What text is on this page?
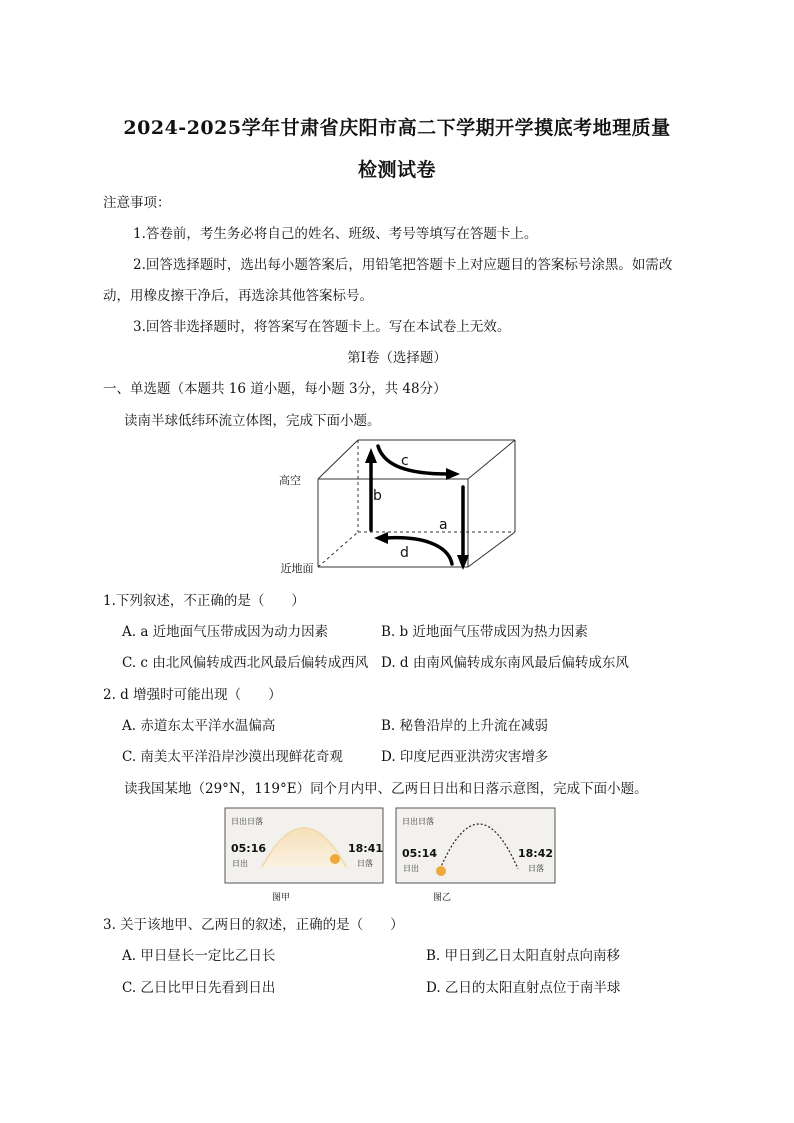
2024-2025学年甘肃省庆阳市高二下学期开学摸底考地理质量
检测试卷
注意事项：
1.答卷前，考生务必将自己的姓名、班级、考号等填写在答题卡上。
2.回答选择题时，选出每小题答案后，用铅笔把答题卡上对应题目的答案标号涂黑。如需改
动，用橡皮擦干净后，再选涂其他答案标号。
3.回答非选择题时，将答案写在答题卡上。写在本试卷上无效。
第Ⅰ卷（选择题）
一、单选题（本题共 16 道小题，每小题 3分，共 48分）
读南半球低纬环流立体图，完成下面小题。
高空
近地面
a
b
c
d
1.下列叙述，不正确的是（　　）
A. a 近地面气压带成因为动力因素	B. b 近地面气压带成因为热力因素
C. c 由北风偏转成西北风最后偏转成西风 D. d 由南风偏转成东南风最后偏转成东风
2. d 增强时可能出现（　　）
A. 赤道东太平洋水温偏高	B. 秘鲁沿岸的上升流在减弱
C. 南美太平洋沿岸沙漠出现鲜花奇观	D. 印度尼西亚洪涝灾害增多
读我国某地（29°N，119°E）同个月内甲、乙两日日出和日落示意图，完成下面小题。
日出日落
05:16
日出
18:41
日落
图甲
日出日落
05:14
日出
18:42
日落
图乙
3. 关于该地甲、乙两日的叙述，正确的是（　　）
A. 甲日昼长一定比乙日长	B. 甲日到乙日太阳直射点向南移
C. 乙日比甲日先看到日出	D. 乙日的太阳直射点位于南半球
